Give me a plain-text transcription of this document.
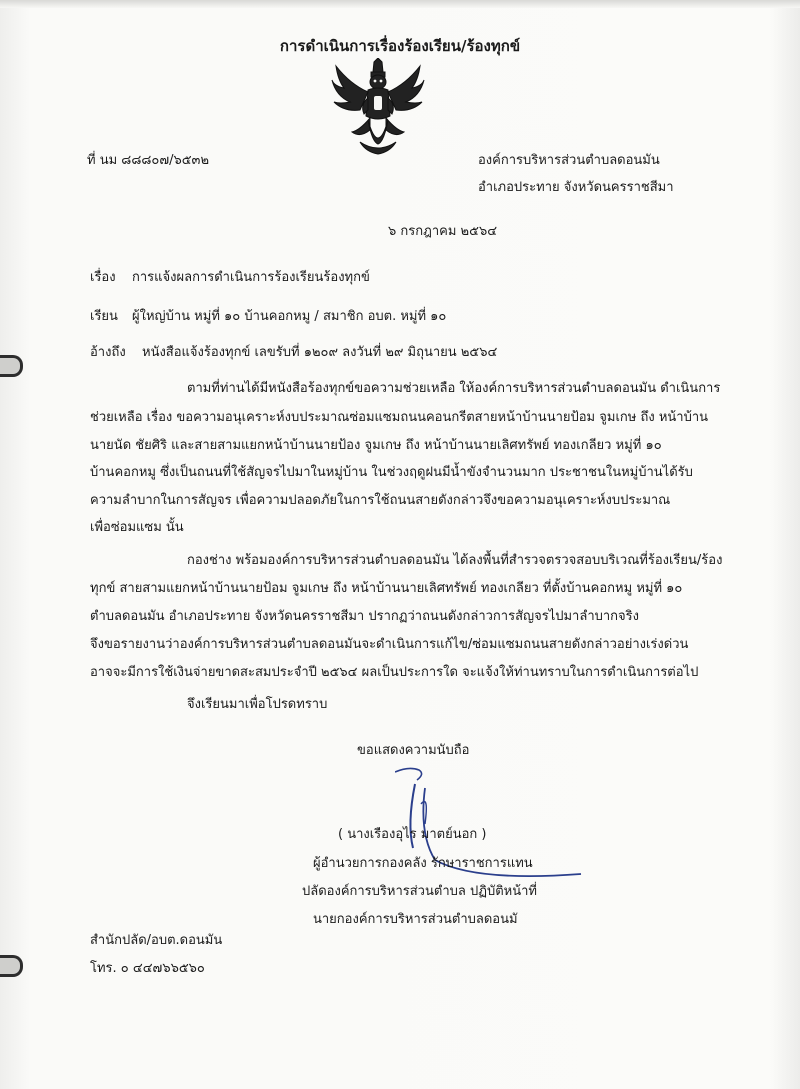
การดำเนินการเรื่องร้องเรียน/ร้องทุกข์
ที่ นม ๘๘๘๐๗/๖๕๓๒	องค์การบริหารส่วนตำบลดอนมัน
อำเภอประทาย จังหวัดนครราชสีมา
๖ กรกฎาคม ๒๕๖๔
เรื่อง การแจ้งผลการดำเนินการร้องเรียนร้องทุกข์
เรียน ผู้ใหญ่บ้าน หมู่ที่ ๑๐ บ้านคอกหมู / สมาชิก อบต. หมู่ที่ ๑๐
อ้างถึง หนังสือแจ้งร้องทุกข์ เลขรับที่ ๑๒๐๙ ลงวันที่ ๒๙ มิถุนายน ๒๕๖๔
ตามที่ท่านได้มีหนังสือร้องทุกข์ขอความช่วยเหลือ ให้องค์การบริหารส่วนตำบลดอนมัน ดำเนินการ
ช่วยเหลือ เรื่อง ขอความอนุเคราะห์งบประมาณซ่อมแซมถนนคอนกรีตสายหน้าบ้านนายป้อม จูมเกษ ถึง หน้าบ้าน
นายนัด ชัยศิริ และสายสามแยกหน้าบ้านนายป้อง จูมเกษ ถึง หน้าบ้านนายเลิศทรัพย์ ทองเกลียว หมู่ที่ ๑๐
บ้านคอกหมู ซึ่งเป็นถนนที่ใช้สัญจรไปมาในหมู่บ้าน ในช่วงฤดูฝนมีน้ำขังจำนวนมาก ประชาชนในหมู่บ้านได้รับ
ความลำบากในการสัญจร เพื่อความปลอดภัยในการใช้ถนนสายดังกล่าวจึงขอความอนุเคราะห์งบประมาณ
เพื่อซ่อมแซม นั้น
กองช่าง พร้อมองค์การบริหารส่วนตำบลดอนมัน ได้ลงพื้นที่สำรวจตรวจสอบบริเวณที่ร้องเรียน/ร้อง
ทุกข์ สายสามแยกหน้าบ้านนายป้อม จูมเกษ ถึง หน้าบ้านนายเลิศทรัพย์ ทองเกลียว ที่ตั้งบ้านคอกหมู หมู่ที่ ๑๐
ตำบลดอนมัน อำเภอประทาย จังหวัดนครราชสีมา ปรากฏว่าถนนดังกล่าวการสัญจรไปมาลำบากจริง
จึงขอรายงานว่าองค์การบริหารส่วนตำบลดอนมันจะดำเนินการแก้ไข/ซ่อมแซมถนนสายดังกล่าวอย่างเร่งด่วน
อาจจะมีการใช้เงินจ่ายขาดสะสมประจำปี ๒๕๖๔ ผลเป็นประการใด จะแจ้งให้ท่านทราบในการดำเนินการต่อไป
จึงเรียนมาเพื่อโปรดทราบ
ขอแสดงความนับถือ
( นางเรืองอุไร มาตย์นอก )
ผู้อำนวยการกองคลัง รักษาราชการแทน
ปลัดองค์การบริหารส่วนตำบล ปฏิบัติหน้าที่
นายกองค์การบริหารส่วนตำบลดอนมั
สำนักปลัด/อบต.ดอนมัน
โทร. ๐ ๔๔๗๖๖๕๖๐
